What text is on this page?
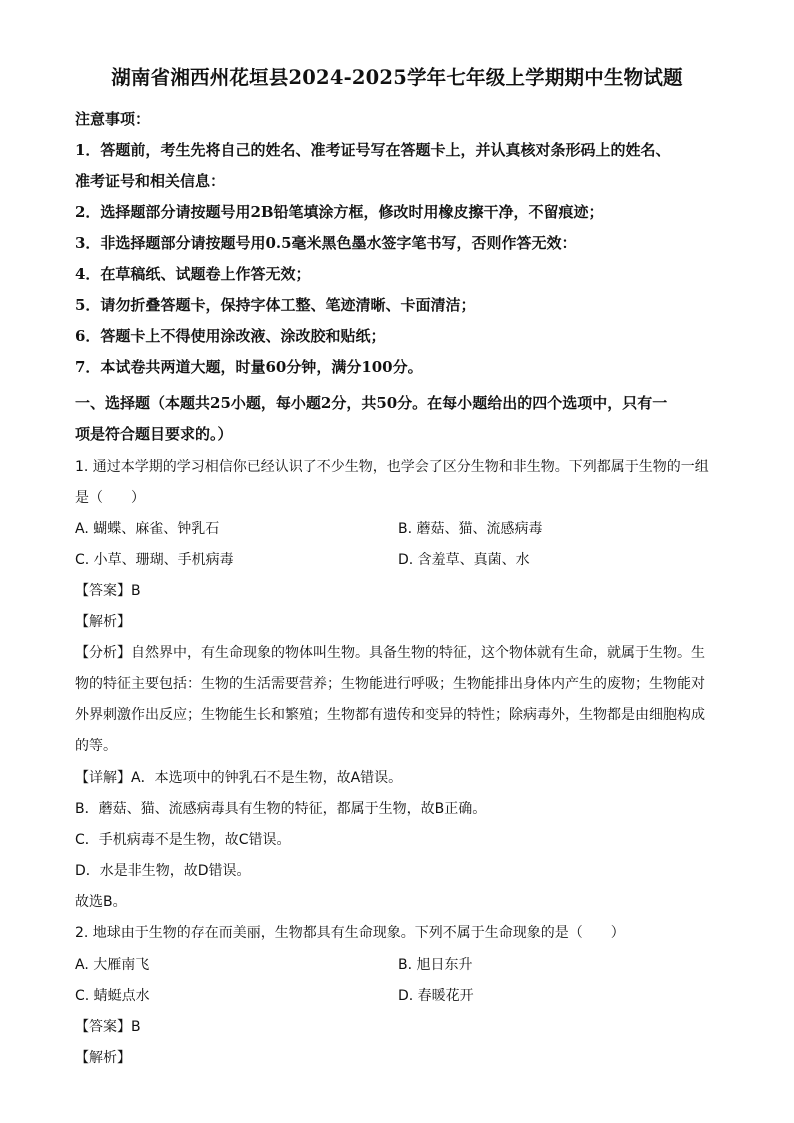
湖南省湘西州花垣县2024-2025学年七年级上学期期中生物试题
注意事项：
1．答题前，考生先将自己的姓名、准考证号写在答题卡上，并认真核对条形码上的姓名、
准考证号和相关信息：
2．选择题部分请按题号用2B铅笔填涂方框，修改时用橡皮擦干净，不留痕迹；
3．非选择题部分请按题号用0.5毫米黑色墨水签字笔书写，否则作答无效：
4．在草稿纸、试题卷上作答无效；
5．请勿折叠答题卡，保持字体工整、笔迹清晰、卡面清洁；
6．答题卡上不得使用涂改液、涂改胶和贴纸；
7．本试卷共两道大题，时量60分钟，满分100分。
一、选择题（本题共25小题，每小题2分，共50分。在每小题给出的四个选项中，只有一
项是符合题目要求的。）
1. 通过本学期的学习相信你已经认识了不少生物，也学会了区分生物和非生物。下列都属于生物的一组
是（　　）
A. 蝴蝶、麻雀、钟乳石	B. 蘑菇、猫、流感病毒
C. 小草、珊瑚、手机病毒	D. 含羞草、真菌、水
【答案】B
【解析】
【分析】自然界中，有生命现象的物体叫生物。具备生物的特征，这个物体就有生命，就属于生物。生
物的特征主要包括：生物的生活需要营养；生物能进行呼吸；生物能排出身体内产生的废物；生物能对
外界刺激作出反应；生物能生长和繁殖；生物都有遗传和变异的特性；除病毒外，生物都是由细胞构成
的等。
【详解】A．本选项中的钟乳石不是生物，故A错误。
B．蘑菇、猫、流感病毒具有生物的特征，都属于生物，故B正确。
C．手机病毒不是生物，故C错误。
D．水是非生物，故D错误。
故选B。
2. 地球由于生物的存在而美丽，生物都具有生命现象。下列不属于生命现象的是（　　）
A. 大雁南飞	B. 旭日东升
C. 蜻蜓点水	D. 春暖花开
【答案】B
【解析】
